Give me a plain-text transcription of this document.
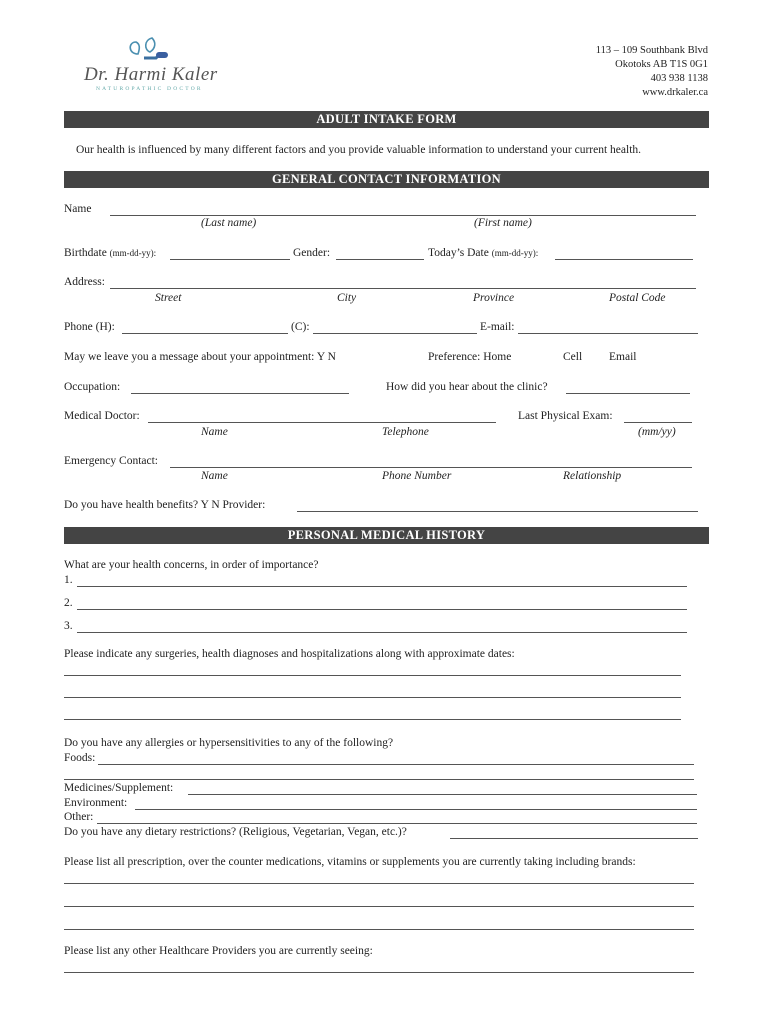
Dr. Harmi Kaler
NATUROPATHIC DOCTOR
113 – 109 Southbank Blvd
Okotoks AB T1S 0G1
403 938 1138
www.drkaler.ca
ADULT INTAKE FORM
Our health is influenced by many different factors and you provide valuable information to understand your current health.
GENERAL CONTACT INFORMATION
Name
(Last name)	(First name)
Birthdate (mm-dd-yy):	Gender:	Today’s Date (mm-dd-yy):
Address:
Street	City	Province	Postal Code
Phone (H):	(C):	E-mail:
May we leave you a message about your appointment: Y N	Preference: Home	Cell Email
Occupation:	How did you hear about the clinic?
Medical Doctor:	Last Physical Exam:
Name	Telephone	(mm/yy)
Emergency Contact:
Name	Phone Number	Relationship
Do you have health benefits? Y N Provider:
PERSONAL MEDICAL HISTORY
What are your health concerns, in order of importance?
1.
2.
3.
Please indicate any surgeries, health diagnoses and hospitalizations along with approximate dates:
Do you have any allergies or hypersensitivities to any of the following?
Foods:
Medicines/Supplement:
Environment:
Other:
Do you have any dietary restrictions? (Religious, Vegetarian, Vegan, etc.)?
Please list all prescription, over the counter medications, vitamins or supplements you are currently taking including brands:
Please list any other Healthcare Providers you are currently seeing:
